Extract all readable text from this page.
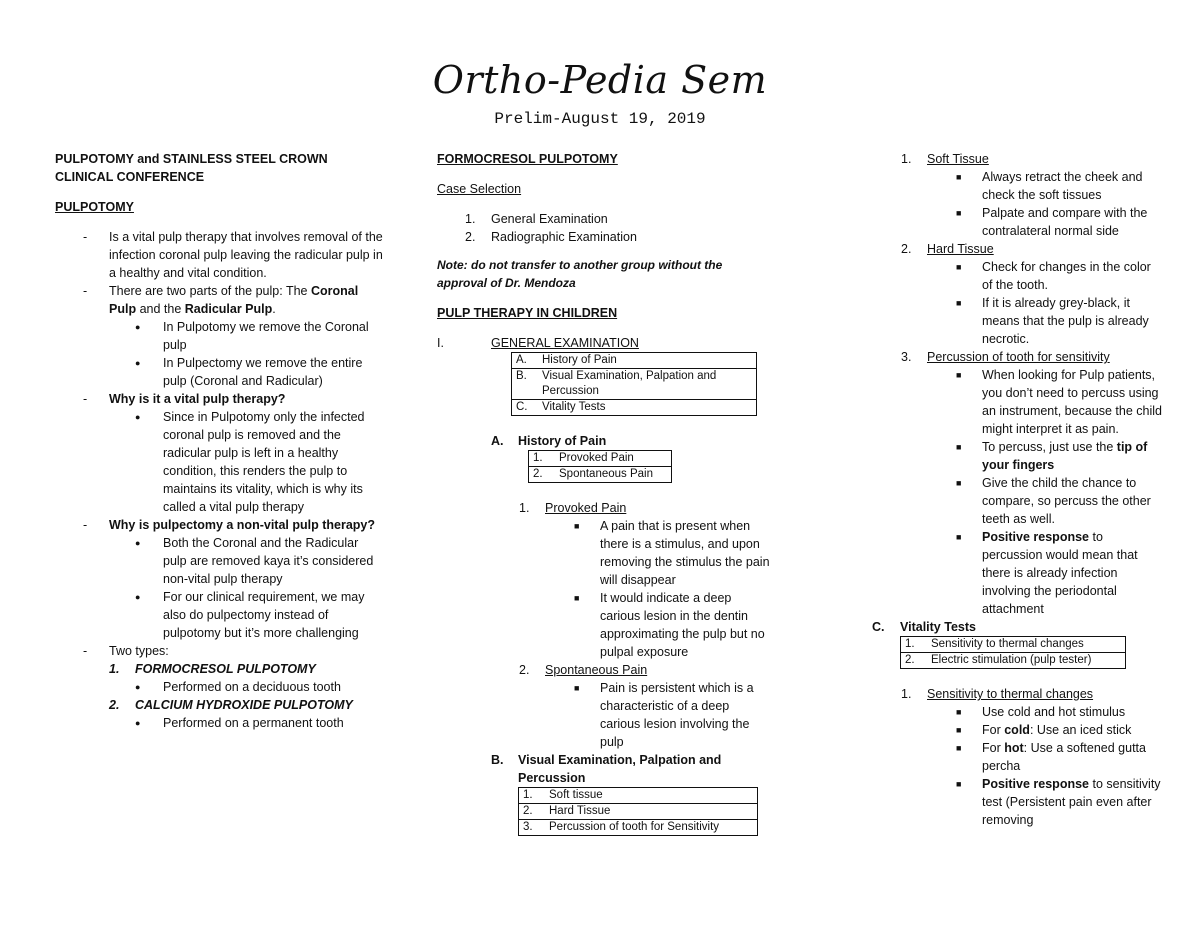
Ortho-Pedia Sem
Prelim-August 19, 2019

PULPOTOMY and STAINLESS STEEL CROWN

CLINICAL CONFERENCE

PULPOTOMY

- Is a vital pulp therapy that involves removal of the infection coronal pulp leaving the radicular pulp in a healthy and vital condition.
- There are two parts of the pulp: The Coronal Pulp and the Radicular Pulp.
● In Pulpotomy we remove the Coronal pulp
● In Pulpectomy we remove the entire pulp (Coronal and Radicular)
- Why is it a vital pulp therapy?
● Since in Pulpotomy only the infected coronal pulp is removed and the radicular pulp is left in a healthy condition, this renders the pulp to maintains its vitality, which is why its called a vital pulp therapy
- Why is pulpectomy a non-vital pulp therapy?
● Both the Coronal and the Radicular pulp are removed kaya it’s considered non-vital pulp therapy
● For our clinical requirement, we may also do pulpectomy instead of pulpotomy but it’s more challenging
- Two types:
1. FORMOCRESOL PULPOTOMY
● Performed on a deciduous tooth
2. CALCIUM HYDROXIDE PULPOTOMY
● Performed on a permanent tooth

FORMOCRESOL PULPOTOMY

Case Selection

1. General Examination
2. Radiographic Examination

Note: do not transfer to another group without the approval of Dr. Mendoza

PULP THERAPY IN CHILDREN

I.	GENERAL EXAMINATION
A.	History of Pain
B.	Visual Examination, Palpation and Percussion
C.	Vitality Tests
A. History of Pain
1.	Provoked Pain
2.	Spontaneous Pain
1. Provoked Pain
■ A pain that is present when there is a stimulus, and upon removing the stimulus the pain will disappear
■ It would indicate a deep carious lesion in the dentin approximating the pulp but no pulpal exposure
2. Spontaneous Pain
■ Pain is persistent which is a characteristic of a deep carious lesion involving the pulp
B. Visual Examination, Palpation and Percussion
1.	Soft tissue
2.	Hard Tissue
3.	Percussion of tooth for Sensitivity
1. Soft Tissue
■ Always retract the cheek and check the soft tissues
■ Palpate and compare with the contralateral normal side
2. Hard Tissue
■ Check for changes in the color of the tooth.
■ If it is already grey-black, it means that the pulp is already necrotic.
3. Percussion of tooth for sensitivity
■ When looking for Pulp patients, you don’t need to percuss using an instrument, because the child might interpret it as pain.
■ To percuss, just use the tip of your fingers
■ Give the child the chance to compare, so percuss the other teeth as well.
■ Positive response to percussion would mean that there is already infection involving the periodontal attachment
C. Vitality Tests
1.	Sensitivity to thermal changes
2.	Electric stimulation (pulp tester)
1. Sensitivity to thermal changes
■ Use cold and hot stimulus
■ For cold: Use an iced stick
■ For hot: Use a softened gutta percha
■ Positive response to sensitivity test (Persistent pain even after removing
